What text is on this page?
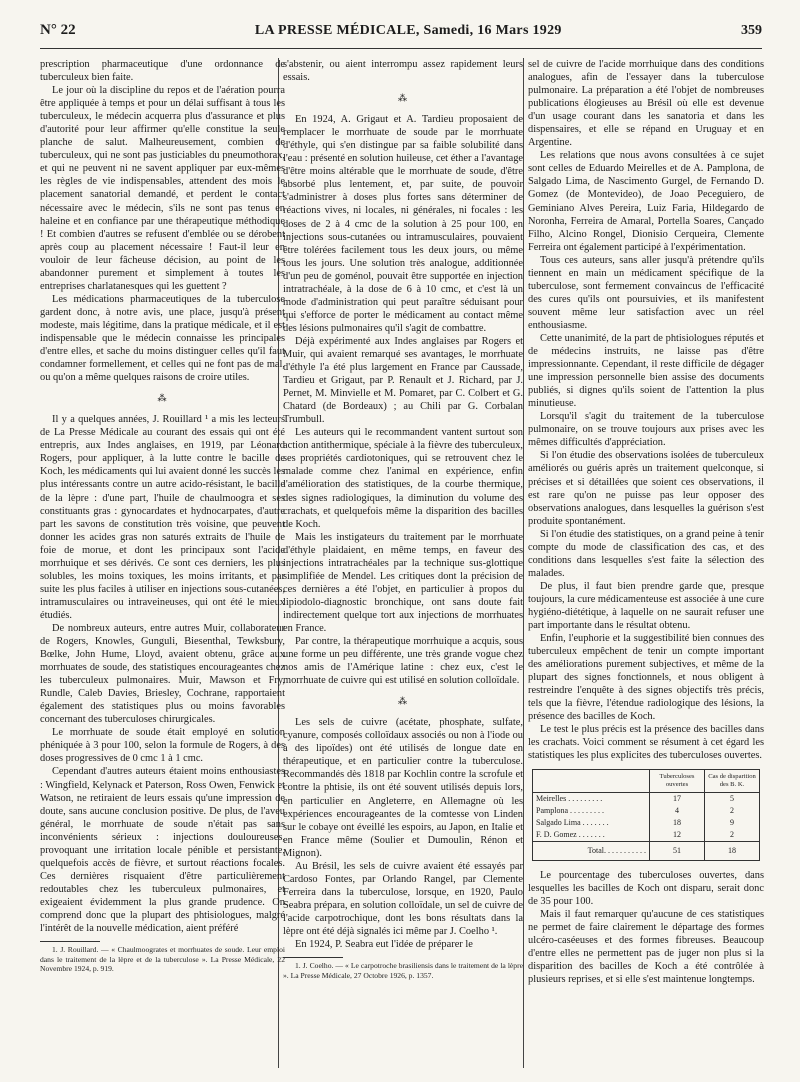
N° 22	LA PRESSE MÉDICALE, Samedi, 16 Mars 1929	359

prescription pharmaceutique d'une ordonnance de tuberculeux bien faite.

Le jour où la discipline du repos et de l'aération pourra être appliquée à temps et pour un délai suffisant à tous les tuberculeux, le médecin acquerra plus d'assurance et plus d'autorité pour leur affirmer qu'elle constitue la seule planche de salut. Malheureusement, combien de tuberculeux, qui ne sont pas justiciables du pneumothorax, et qui ne peuvent ni ne savent appliquer par eux-mêmes les règles de vie indispensables, attendent des mois le placement sanatorial demandé, et perdent le contact nécessaire avec le médecin, s'ils ne sont pas tenus en haleine et en confiance par une thérapeutique méthodique ! Et combien d'autres se refusent d'emblée ou se dérobent après coup au placement nécessaire ! Faut-il leur en vouloir de leur fâcheuse décision, au point de les abandonner purement et simplement à toutes les entreprises charlatanesques qui les guettent ?

Les médications pharmaceutiques de la tuberculose gardent donc, à notre avis, une place, jusqu'à présent modeste, mais légitime, dans la pratique médicale, et il est indispensable que le médecin connaisse les principales d'entre elles, et sache du moins distinguer celles qu'il faut condamner formellement, et celles qui ne font pas de mal, ou qu'on a même quelques raisons de croire utiles.

⁂

Il y a quelques années, J. Rouillard ¹ a mis les lecteurs de La Presse Médicale au courant des essais qui ont été entrepris, aux Indes anglaises, en 1919, par Léonard Rogers, pour appliquer, à la lutte contre le bacille de Koch, les médicaments qui lui avaient donné les succès les plus intéressants contre un autre acido-résistant, le bacille de la lèpre : d'une part, l'huile de chaulmoogra et ses constituants gras : gynocardates et hydnocarpates, d'autre part les savons de constitution très voisine, que peuvent donner les acides gras non saturés extraits de l'huile de foie de morue, et dont les principaux sont l'acide morrhuique et ses dérivés. Ce sont ces derniers, les plus solubles, les moins toxiques, les moins irritants, et par suite les plus faciles à utiliser en injections sous-cutanées, intramusculaires ou intraveineuses, qui ont été le mieux étudiés.

De nombreux auteurs, entre autres Muir, collaborateur de Rogers, Knowles, Gunguli, Biesenthal, Tewksbury, Bœlke, John Hume, Lloyd, avaient obtenu, grâce aux morrhuates de soude, des statistiques encourageantes chez les tuberculeux pulmonaires. Muir, Mawson et Fry, Rundle, Caleb Davies, Briesley, Cochrane, rapportaient également des statistiques plus ou moins favorables concernant des tuberculoses chirurgicales.

Le morrhuate de soude était employé en solution phéniquée à 3 pour 100, selon la formule de Rogers, à des doses progressives de 0 cmc 1 à 1 cmc.

Cependant d'autres auteurs étaient moins enthousiastes : Wingfield, Kelynack et Paterson, Ross Owen, Fenwick et Watson, ne retiraient de leurs essais qu'une impression de doute, sans aucune conclusion positive. De plus, de l'aveu général, le morrhuate de soude n'était pas sans inconvénients sérieux : injections douloureuses, provoquant une irritation locale pénible et persistante, quelquefois accès de fièvre, et surtout réactions focales. Ces dernières risquaient d'être particulièrement redoutables chez les tuberculeux pulmonaires, et exigeaient évidemment la plus grande prudence. On comprend donc que la plupart des phtisiologues, malgré l'intérêt de la nouvelle médication, aient préféré

1. J. Rouillard. — « Chaulmoogrates et morrhuates de soude. Leur emploi dans le traitement de la lèpre et de la tuberculose ». La Presse Médicale, 22 Novembre 1924, p. 919.

s'abstenir, ou aient interrompu assez rapidement leurs essais.

⁂

En 1924, A. Grigaut et A. Tardieu proposaient de remplacer le morrhuate de soude par le morrhuate d'éthyle, qui s'en distingue par sa faible solubilité dans l'eau : présenté en solution huileuse, cet éther a l'avantage d'être moins altérable que le morrhuate de soude, d'être absorbé plus lentement, et, par suite, de pouvoir s'administrer à doses plus fortes sans déterminer de réactions vives, ni locales, ni générales, ni focales : les doses de 2 à 4 cmc de la solution à 25 pour 100, en injections sous-cutanées ou intramusculaires, pouvaient être tolérées facilement tous les deux jours, ou même tous les jours. Une solution très analogue, additionnée d'un peu de goménol, pouvait être supportée en injection intratrachéale, à la dose de 6 à 10 cmc, et c'est là un mode d'administration qui peut paraître séduisant pour qui s'efforce de porter le médicament au contact même des lésions pulmonaires qu'il s'agit de combattre.

Déjà expérimenté aux Indes anglaises par Rogers et Muir, qui avaient remarqué ses avantages, le morrhuate d'éthyle l'a été plus largement en France par Caussade, Tardieu et Grigaut, par P. Renault et J. Richard, par J. Pernet, M. Minvielle et M. Pomaret, par C. Colbert et G. Chatard (de Bordeaux) ; au Chili par G. Corbalan Trumbull.

Les auteurs qui le recommandent vantent surtout son action antithermique, spéciale à la fièvre des tuberculeux, ses propriétés cardiotoniques, qui se retrouvent chez le malade comme chez l'animal en expérience, enfin l'amélioration des statistiques, de la courbe thermique, des signes radiologiques, la diminution du volume des crachats, et quelquefois même la disparition des bacilles de Koch.

Mais les instigateurs du traitement par le morrhuate d'éthyle plaidaient, en même temps, en faveur des injections intratrachéales par la technique sus-glottique simplifiée de Mendel. Les critiques dont la précision de ces dernières a été l'objet, en particulier à propos du lipiodolo-diagnostic bronchique, ont sans doute fait indirectement quelque tort aux injections de morrhuates en France.

Par contre, la thérapeutique morrhuique a acquis, sous une forme un peu différente, une très grande vogue chez nos amis de l'Amérique latine : chez eux, c'est le morrhuate de cuivre qui est utilisé en solution colloïdale.

⁂

Les sels de cuivre (acétate, phosphate, sulfate, cyanure, composés colloïdaux associés ou non à l'iode ou à des lipoïdes) ont été utilisés de longue date en thérapeutique, et en particulier contre la tuberculose. Recommandés dès 1818 par Kochlin contre la scrofule et contre la phtisie, ils ont été souvent utilisés depuis lors, en particulier en Angleterre, en Allemagne où les expériences encourageantes de la comtesse von Linden sur le cobaye ont éveillé les espoirs, au Japon, en Italie et en France même (Soulier et Dumoulin, Rénon et Mignon).

Au Brésil, les sels de cuivre avaient été essayés par Cardoso Fontes, par Orlando Rangel, par Clemente Ferreira dans la tuberculose, lorsque, en 1920, Paulo Seabra prépara, en solution colloïdale, un sel de cuivre de l'acide carpotrochique, dont les bons résultats dans la lèpre ont été déjà signalés ici même par J. Coelho ¹.

En 1924, P. Seabra eut l'idée de préparer le

1. J. Coelho. — « Le carpotroche brasiliensis dans le traitement de la lèpre ». La Presse Médicale, 27 Octobre 1926, p. 1357.

sel de cuivre de l'acide morrhuique dans des conditions analogues, afin de l'essayer dans la tuberculose pulmonaire. La préparation a été l'objet de nombreuses publications élogieuses au Brésil où elle est devenue d'un usage courant dans les sanatoria et dans les dispensaires, et elle se répand en Uruguay et en Argentine.

Les relations que nous avons consultées à ce sujet sont celles de Eduardo Meirelles et de A. Pamplona, de Salgado Lima, de Nascimento Gurgel, de Fernando D. Gomez (de Montevideo), de Joao Peceguiero, de Geminiano Alves Pereira, Luiz Faria, Hildegardo de Noronha, Ferreira de Amaral, Portella Soares, Cançado Filho, Alcino Rongel, Dionisio Cerqueira, Clemente Ferreira ont également participé à l'expérimentation.

Tous ces auteurs, sans aller jusqu'à prétendre qu'ils tiennent en main un médicament spécifique de la tuberculose, sont fermement convaincus de l'efficacité des cures qu'ils ont poursuivies, et ils manifestent souvent même leur satisfaction avec un réel enthousiasme.

Cette unanimité, de la part de phtisiologues réputés et de médecins instruits, ne laisse pas d'être impressionnante. Cependant, il reste difficile de dégager une impression personnelle bien assise des documents publiés, si dignes qu'ils soient de l'attention la plus minutieuse.

Lorsqu'il s'agit du traitement de la tuberculose pulmonaire, on se trouve toujours aux prises avec les mêmes difficultés d'appréciation.

Si l'on étudie des observations isolées de tuberculeux améliorés ou guéris après un traitement quelconque, si précises et si détaillées que soient ces observations, il est rare qu'on ne puisse pas leur opposer des observations analogues, dans lesquelles la guérison s'est produite spontanément.

Si l'on étudie des statistiques, on a grand peine à tenir compte du mode de classification des cas, et des conditions dans lesquelles s'est faite la sélection des malades.

De plus, il faut bien prendre garde que, presque toujours, la cure médicamenteuse est associée à une cure hygiéno-diététique, à laquelle on ne saurait refuser une part importante dans le résultat obtenu.

Enfin, l'euphorie et la suggestibilité bien connues des tuberculeux empêchent de tenir un compte important des améliorations purement subjectives, et même de la plupart des signes fonctionnels, et nous obligent à restreindre l'enquête à des signes objectifs très précis, tels que la fièvre, l'étendue radiologique des lésions, la présence des bacilles de Koch.

Le test le plus précis est la présence des bacilles dans les crachats. Voici comment se résument à cet égard les statistiques les plus explicites des tuberculoses ouvertes.

	Tuberculoses ouvertes	Cas de disparition des B. K.
Meirelles . . . . . . . . .	17	5
Pamplona . . . . . . . . .	4	2
Salgado Lima . . . . . . .	18	9
F. D. Gomez . . . . . . .	12	2
Total. . . . . . . . . . .	51	18

Le pourcentage des tuberculoses ouvertes, dans lesquelles les bacilles de Koch ont disparu, serait donc de 35 pour 100.

Mais il faut remarquer qu'aucune de ces statistiques ne permet de faire clairement le départage des formes ulcéro-caséeuses et des formes fibreuses. Beaucoup d'entre elles ne permettent pas de juger non plus si la disparition des bacilles de Koch a été contrôlée à plusieurs reprises, et si elle s'est maintenue longtemps.
